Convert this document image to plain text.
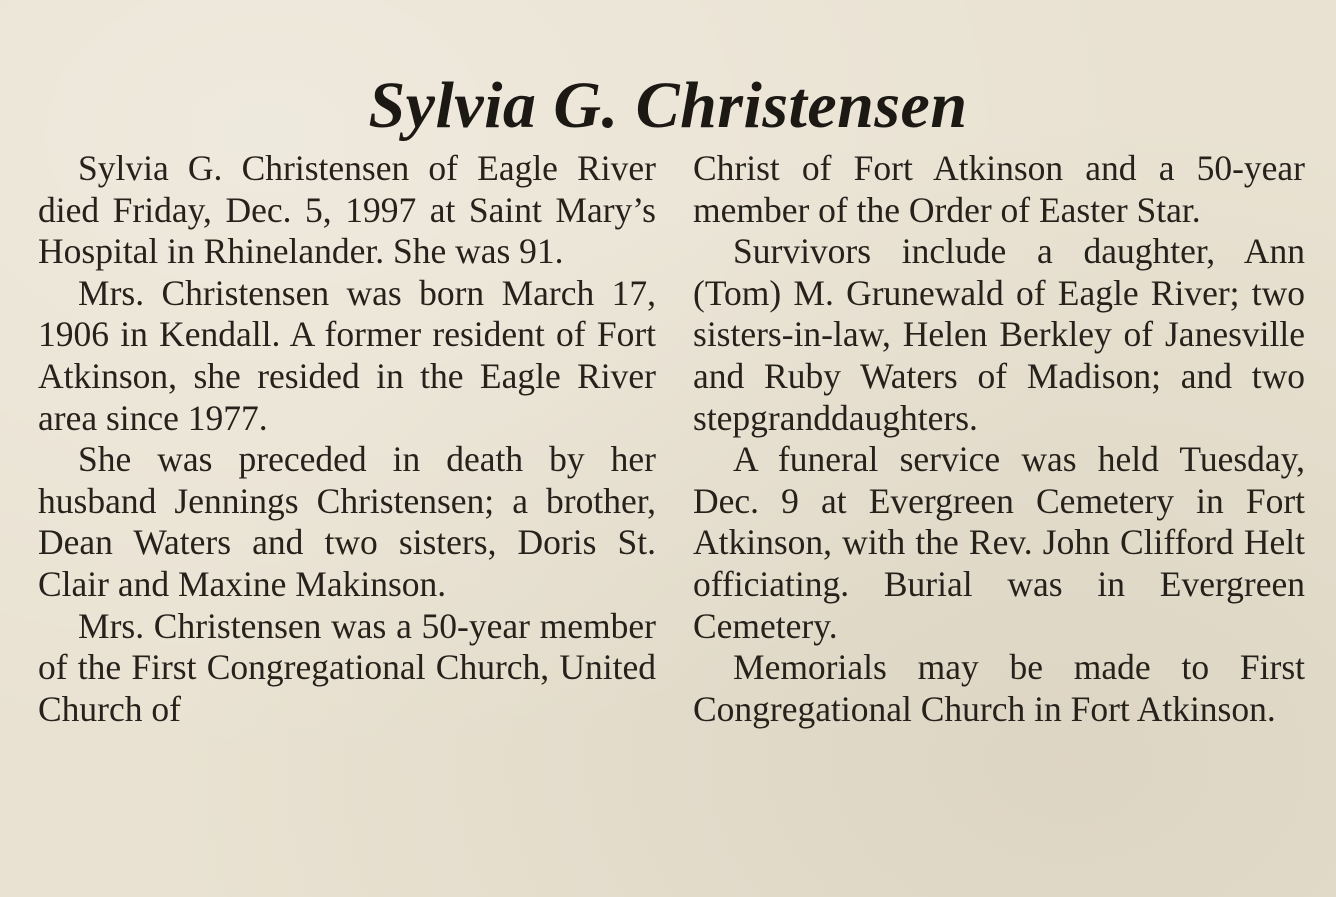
Sylvia G. Christensen

Sylvia G. Christensen of Eagle River died Friday, Dec. 5, 1997 at Saint Mary’s Hospital in Rhinelander. She was 91.

Mrs. Christensen was born March 17, 1906 in Kendall. A former resident of Fort Atkinson, she resided in the Eagle River area since 1977.

She was preceded in death by her husband Jennings Christensen; a brother, Dean Waters and two sisters, Doris St. Clair and Maxine Makinson.

Mrs. Christensen was a 50-year member of the First Congregational Church, United Church of

Christ of Fort Atkinson and a 50-year member of the Order of Easter Star.

Survivors include a daughter, Ann (Tom) M. Grunewald of Eagle River; two sisters-in-law, Helen Berkley of Janesville and Ruby Waters of Madison; and two stepgranddaughters.

A funeral service was held Tuesday, Dec. 9 at Evergreen Cemetery in Fort Atkinson, with the Rev. John Clifford Helt officiating. Burial was in Evergreen Cemetery.

Memorials may be made to First Congregational Church in Fort Atkinson.
